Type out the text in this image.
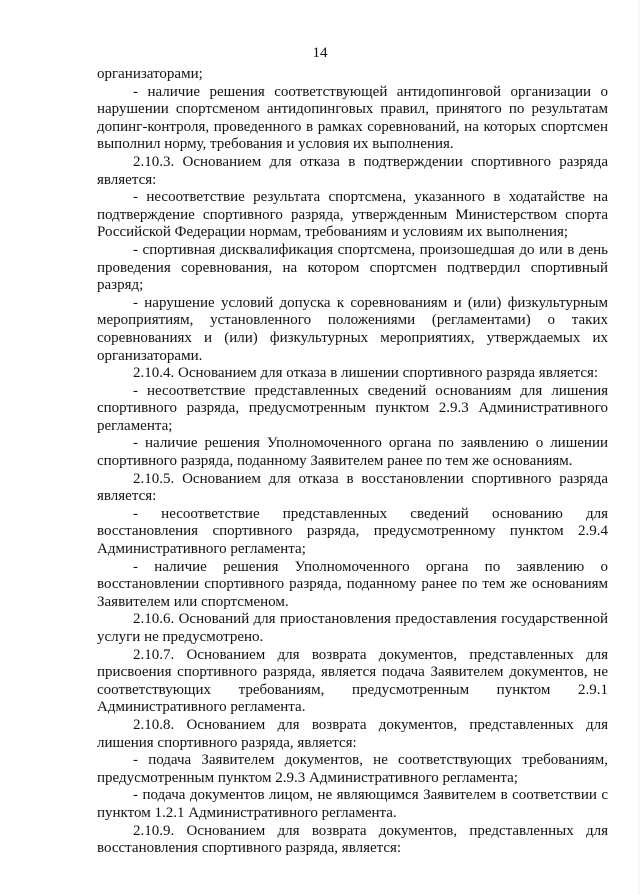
14

организаторами;

- наличие решения соответствующей антидопинговой организации о нарушении спортсменом антидопинговых правил, принятого по результатам допинг-контроля, проведенного в рамках соревнований, на которых спортсмен выполнил норму, требования и условия их выполнения.

2.10.3. Основанием для отказа в подтверждении спортивного разряда является:

- несоответствие результата спортсмена, указанного в ходатайстве на подтверждение спортивного разряда, утвержденным Министерством спорта Российской Федерации нормам, требованиям и условиям их выполнения;

- спортивная дисквалификация спортсмена, произошедшая до или в день проведения соревнования, на котором спортсмен подтвердил спортивный разряд;

- нарушение условий допуска к соревнованиям и (или) физкультурным мероприятиям, установленного положениями (регламентами) о таких соревнованиях и (или) физкультурных мероприятиях, утверждаемых их организаторами.

2.10.4. Основанием для отказа в лишении спортивного разряда является:

- несоответствие представленных сведений основаниям для лишения спортивного разряда, предусмотренным пунктом 2.9.3 Административного регламента;

- наличие решения Уполномоченного органа по заявлению о лишении спортивного разряда, поданному Заявителем ранее по тем же основаниям.

2.10.5. Основанием для отказа в восстановлении спортивного разряда является:

- несоответствие представленных сведений основанию для восстановления спортивного разряда, предусмотренному пунктом 2.9.4 Административного регламента;

- наличие решения Уполномоченного органа по заявлению о восстановлении спортивного разряда, поданному ранее по тем же основаниям Заявителем или спортсменом.

2.10.6. Оснований для приостановления предоставления государственной услуги не предусмотрено.

2.10.7. Основанием для возврата документов, представленных для присвоения спортивного разряда, является подача Заявителем документов, не соответствующих требованиям, предусмотренным пунктом 2.9.1 Административного регламента.

2.10.8. Основанием для возврата документов, представленных для лишения спортивного разряда, является:

- подача Заявителем документов, не соответствующих требованиям, предусмотренным пунктом 2.9.3 Административного регламента;

- подача документов лицом, не являющимся Заявителем в соответствии с пунктом 1.2.1 Административного регламента.

2.10.9. Основанием для возврата документов, представленных для восстановления спортивного разряда, является:
